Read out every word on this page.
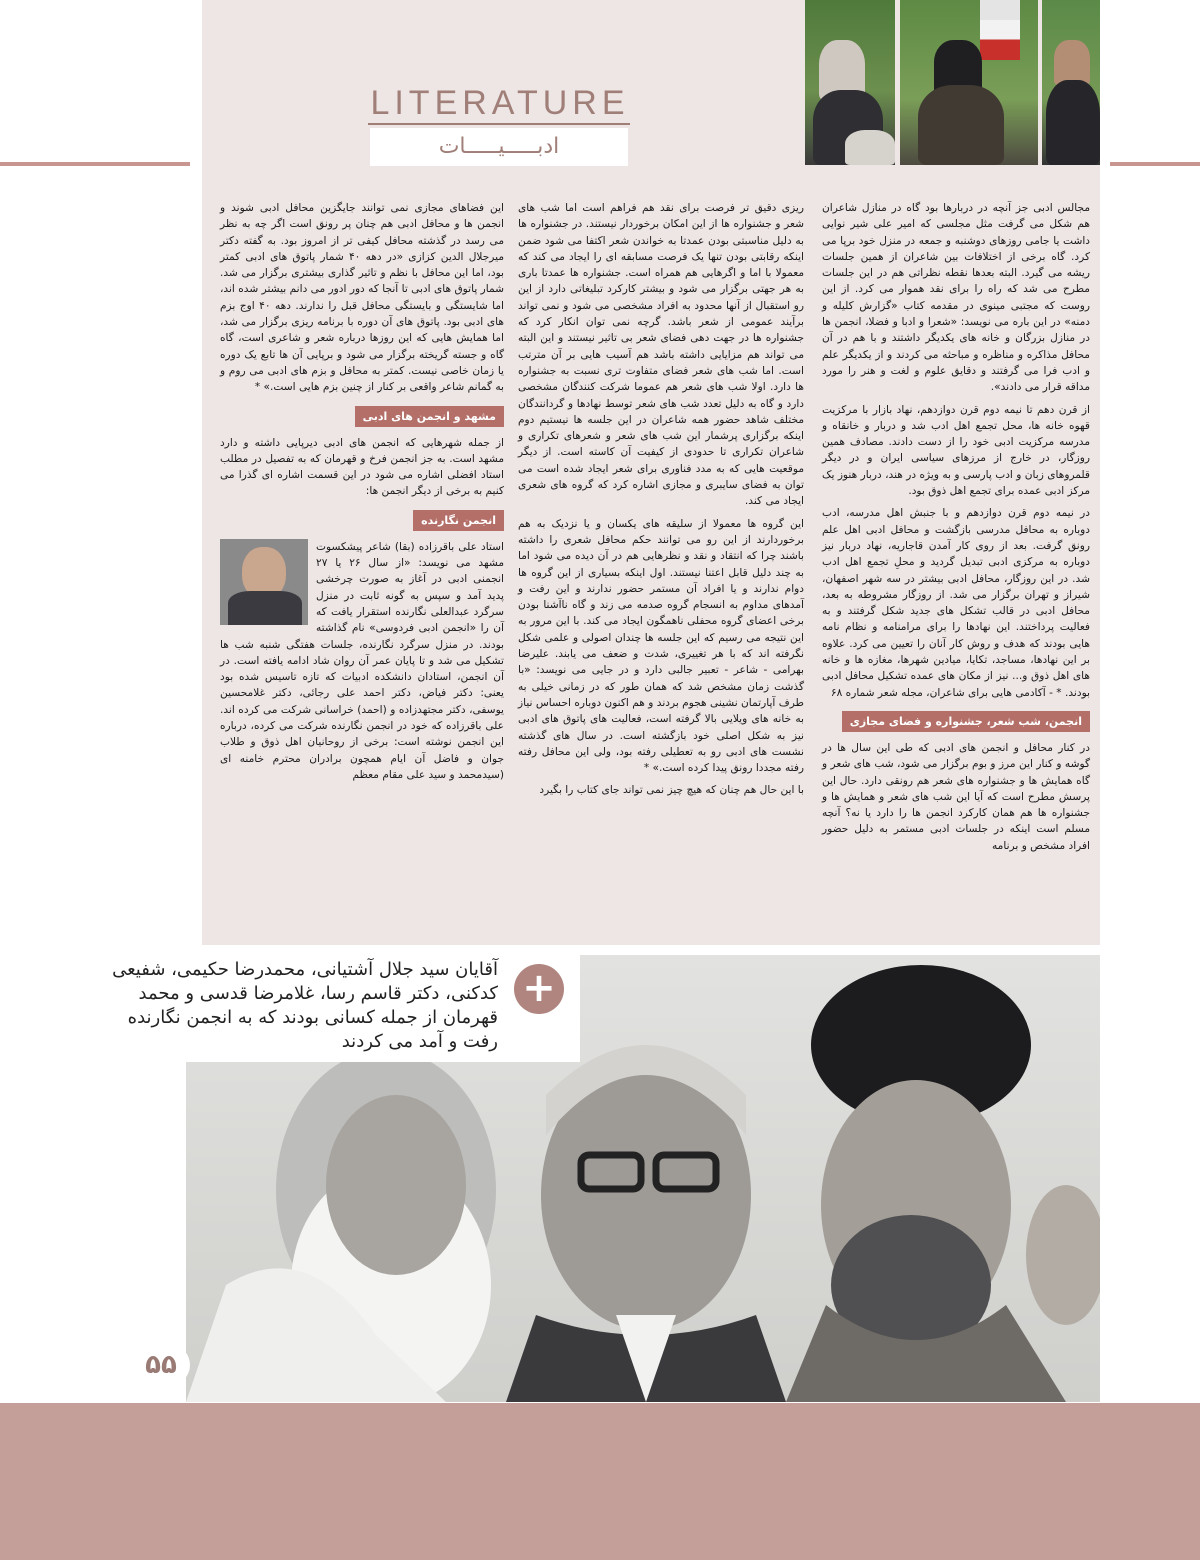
LITERATURE
ادبـــــیـــــات

مجالس ادبی جز آنچه در دربارها بود گاه در منازل شاعران هم شکل می گرفت مثل مجلسی که امیر علی شیر نوایی داشت یا جامی روزهای دوشنبه و جمعه در منزل خود برپا می کرد. گاه برخی از اختلافات بین شاعران از همین جلسات ریشه می گیرد. البته بعدها نقطه نظراتی هم در این جلسات مطرح می شد که راه را برای نقد هموار می کرد. از این روست که مجتبی مینوی در مقدمه کتاب «گزارش کلیله و دمنه» در این باره می نویسد: «شعرا و ادبا و فضلا، انجمن ها در منازل بزرگان و خانه های یکدیگر داشتند و با هم در آن محافل مذاکره و مناظره و مباحثه می کردند و از یکدیگر علم و ادب فرا می گرفتند و دقایق علوم و لغت و هنر را مورد مداقه قرار می دادند».

از قرن دهم تا نیمه دوم قرن دوازدهم، نهاد بازار با مرکزیت قهوه خانه ها، محل تجمع اهل ادب شد و دربار و خانقاه و مدرسه مرکزیت ادبی خود را از دست دادند. مصادف همین روزگار، در خارج از مرزهای سیاسی ایران و در دیگر قلمروهای زبان و ادب پارسی و به ویژه در هند، دربار هنوز یک مرکز ادبی عمده برای تجمع اهل ذوق بود.

در نیمه دوم قرن دوازدهم و با جنبش اهل مدرسه، ادب دوباره به محافل مدرسی بازگشت و محافل ادبی اهل علم رونق گرفت. بعد از روی کار آمدن قاجاریه، نهاد دربار نیز دوباره به مرکزی ادبی تبدیل گردید و محلِ تجمع اهل ادب شد. در این روزگار، محافل ادبی بیشتر در سه شهر اصفهان، شیراز و تهران برگزار می شد. از روزگار مشروطه به بعد، محافل ادبی در قالب تشکل های جدید شکل گرفتند و به فعالیت پرداختند. این نهادها را برای مرامنامه و نظام نامه هایی بودند که هدف و روش کار آنان را تعیین می کرد. علاوه بر این نهادها، مساجد، تکایا، میادین شهرها، مغازه ها و خانه های اهل ذوق و... نیز از مکان های عمده تشکیل محافل ادبی بودند. * - آکادمی هایی برای شاعران، مجله شعر شماره ۶۸

انجمن، شب شعر، جشنواره و فضای مجازی

در کنار محافل و انجمن های ادبی که طی این سال ها در گوشه و کنار این مرز و بوم برگزار می شود، شب های شعر و گاه همایش ها و جشنواره های شعر هم رونقی دارد. حال این پرسش مطرح است که آیا این شب های شعر و همایش ها و جشنواره ها هم همان کارکرد انجمن ها را دارد یا نه؟ آنچه مسلم است اینکه در جلسات ادبی مستمر به دلیل حضور افراد مشخص و برنامه

ریزی دقیق تر فرصت برای نقد هم فراهم است اما شب های شعر و جشنواره ها از این امکان برخوردار نیستند. در جشنواره ها به دلیل مناسبتی بودن عمدتا به خواندن شعر اکتفا می شود ضمن اینکه رقابتی بودن تنها یک فرصت مسابقه ای را ایجاد می کند که معمولا با اما و اگرهایی هم همراه است. جشنواره ها عمدتا باری به هر جهتی برگزار می شود و بیشتر کارکرد تبلیغاتی دارد از این رو استقبال از آنها محدود به افراد مشخصی می شود و نمی تواند برآیند عمومی از شعر باشد. گرچه نمی توان انکار کرد که جشنواره ها در جهت دهی فضای شعر بی تاثیر نیستند و این البته می تواند هم مزایایی داشته باشد هم آسیب هایی بر آن مترتب است. اما شب های شعر فضای متفاوت تری نسبت به جشنواره ها دارد. اولا شب های شعر هم عموما شرکت کنندگان مشخصی دارد و گاه به دلیل تعدد شب های شعر توسط نهادها و گردانندگان مختلف شاهد حضور همه شاعران در این جلسه ها نیستیم دوم اینکه برگزاری پرشمار این شب های شعر و شعرهای تکراری و شاعران تکراری تا حدودی از کیفیت آن کاسته است. از دیگر موقعیت هایی که به مدد فناوری برای شعر ایجاد شده است می توان به فضای سایبری و مجازی اشاره کرد که گروه های شعری ایجاد می کند.

این گروه ها معمولا از سلیقه های یکسان و یا نزدیک به هم برخوردارند از این رو می توانند حکم محافل شعری را داشته باشند چرا که انتقاد و نقد و نظرهایی هم در آن دیده می شود اما به چند دلیل قابل اعتنا نیستند. اول اینکه بسیاری از این گروه ها دوام ندارند و یا افراد آن مستمر حضور ندارند و این رفت و آمدهای مداوم به انسجام گروه صدمه می زند و گاه ناآشنا بودن برخی اعضای گروه محفلی ناهمگون ایجاد می کند. با این مرور به این نتیجه می رسیم که این جلسه ها چندان اصولی و علمی شکل نگرفته اند که با هر تغییری، شدت و ضعف می یابند. علیرضا بهرامی - شاعر - تعبیر جالبی دارد و در جایی می نویسد: «با گذشت زمان مشخص شد که همان طور که در زمانی خیلی به طرف آپارتمان نشینی هجوم بردند و هم اکنون دوباره احساس نیاز به خانه های ویلایی بالا گرفته است، فعالیت های پاتوق های ادبی نیز به شکل اصلی خود بازگشته است. در سال های گذشته نشست های ادبی رو به تعطیلی رفته بود، ولی این محافل رفته رفته مجددا رونق پیدا کرده است.» *

با این حال هم چنان که هیچ چیز نمی تواند جای کتاب را بگیرد

این فضاهای مجازی نمی توانند جایگزین محافل ادبی شوند و انجمن ها و محافل ادبی هم چنان پر رونق است اگر چه به نظر می رسد در گذشته محافل کیفی تر از امروز بود. به گفته دکتر میرجلال الدین کزازی «در دهه ۴۰ شمار پاتوق های ادبی کمتر بود، اما این محافل با نظم و تاثیر گذاری بیشتری برگزار می شد. شمار پاتوق های ادبی تا آنجا که دور ادور می دانم بیشتر شده اند، اما شایستگی و بایستگی محافل قبل را ندارند. دهه ۴۰ اوج بزم های ادبی بود. پاتوق های آن دوره با برنامه ریزی برگزار می شد، اما همایش هایی که این روزها درباره شعر و شاعری است، گاه گاه و جسته گریخته برگزار می شود و برپایی آن ها تابع یک دوره یا زمان خاصی نیست. کمتر به محافل و بزم های ادبی می روم و به گمانم شاعر واقعی بر کنار از چنین بزم هایی است.» *

مشهد و انجمن های ادبی

از جمله شهرهایی که انجمن های ادبی دیرپایی داشته و دارد مشهد است. به جز انجمن فرخ و قهرمان که به تفصیل در مطلب استاد افضلی اشاره می شود در این قسمت اشاره ای گذرا می کنیم به برخی از دیگر انجمن ها:

انجمن نگارنده

استاد علی باقرزاده (بقا) شاعر پیشکسوت مشهد می نویسد: «از سال ۲۶ یا ۲۷ انجمنی ادبی در آغاز به صورت چرخشی پدید آمد و سپس به گونه ثابت در منزل سرگرد عبدالعلی نگارنده استقرار یافت که آن را «انجمن ادبی فردوسی» نام گذاشته بودند. در منزل سرگرد نگارنده، جلسات هفتگی شنبه شب ها تشکیل می شد و تا پایان عمر آن روان شاد ادامه یافته است. در آن انجمن، استادان دانشکده ادبیات که تازه تاسیس شده بود یعنی: دکتر فیاض، دکتر احمد علی رجائی، دکتر غلامحسین یوسفی، دکتر مجتهدزاده و (احمد) خراسانی شرکت می کرده اند. علی باقرزاده که خود در انجمن نگارنده شرکت می کرده، درباره این انجمن نوشته است: برخی از روحانیان اهل ذوق و طلاب جوان و فاضل آن ایام همچون برادران محترم خامنه ای (سیدمحمد و سید علی مقام معظم

آقایان سید جلال آشتیانی، محمدرضا حکیمی، شفیعی کدکنی، دکتر قاسم رسا، غلامرضا قدسی و محمد قهرمان از جمله کسانی بودند که به انجمن نگارنده رفت و آمد می کردند
+
۵۵
